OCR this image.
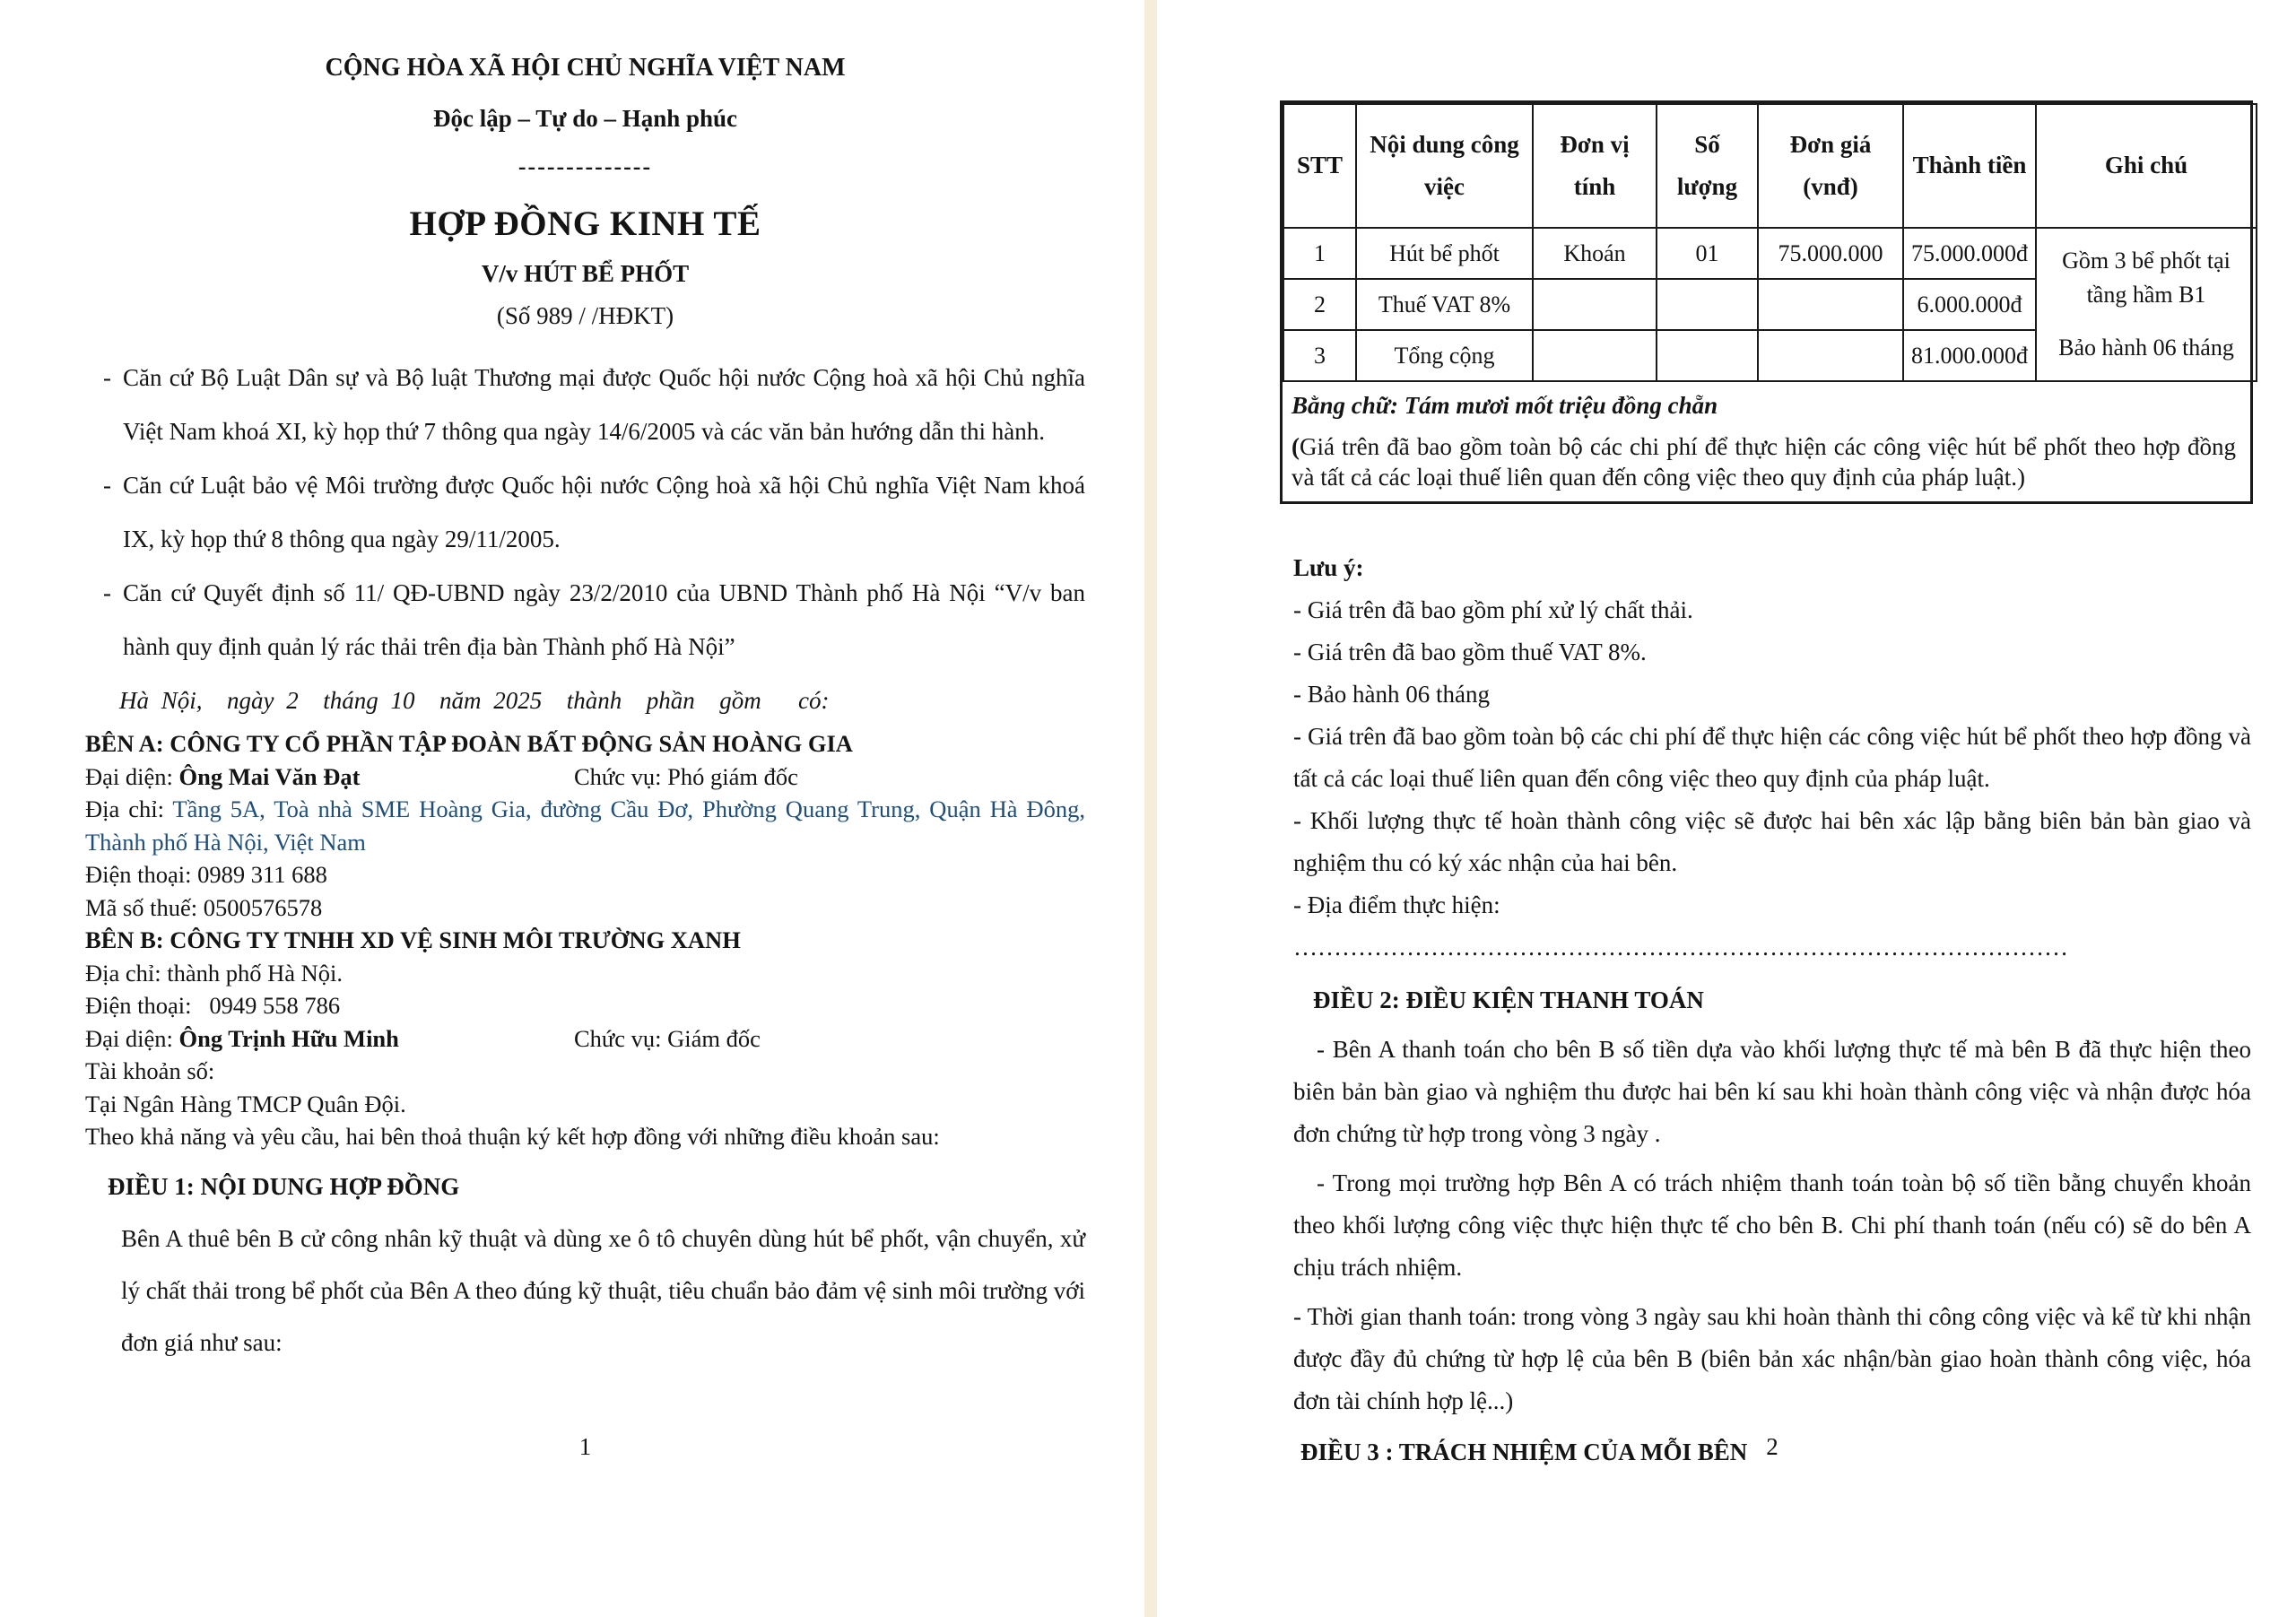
CỘNG HÒA XÃ HỘI CHỦ NGHĨA VIỆT NAM
Độc lập – Tự do – Hạnh phúc
--------------
HỢP ĐỒNG KINH TẾ
V/v HÚT BỂ PHỐT
(Số 989 / /HĐKT)
- Căn cứ Bộ Luật Dân sự và Bộ luật Thương mại được Quốc hội nước Cộng hoà xã hội Chủ nghĩa Việt Nam khoá XI, kỳ họp thứ 7 thông qua ngày 14/6/2005 và các văn bản hướng dẫn thi hành.
- Căn cứ Luật bảo vệ Môi trường được Quốc hội nước Cộng hoà xã hội Chủ nghĩa Việt Nam khoá IX, kỳ họp thứ 8 thông qua ngày 29/11/2005.
- Căn cứ Quyết định số 11/ QĐ-UBND ngày 23/2/2010 của UBND Thành phố Hà Nội “V/v ban hành quy định quản lý rác thải trên địa bàn Thành phố Hà Nội”
Hà Nội,  ngày 2  tháng 10  năm 2025  thành  phần  gồm   có:
BÊN A: CÔNG TY CỔ PHẦN TẬP ĐOÀN BẤT ĐỘNG SẢN HOÀNG GIA
Đại diện: Ông Mai Văn Đạt	Chức vụ: Phó giám đốc
Địa chỉ: Tầng 5A, Toà nhà SME Hoàng Gia, đường Cầu Đơ, Phường Quang Trung, Quận Hà Đông, Thành phố Hà Nội, Việt Nam
Điện thoại: 0989 311 688
Mã số thuế: 0500576578
BÊN B: CÔNG TY TNHH XD VỆ SINH MÔI TRƯỜNG XANH
Địa chỉ: thành phố Hà Nội.
Điện thoại:   0949 558 786
Đại diện: Ông Trịnh Hữu Minh	Chức vụ: Giám đốc
Tài khoản số:
Tại Ngân Hàng TMCP Quân Đội.
Theo khả năng và yêu cầu, hai bên thoả thuận ký kết hợp đồng với những điều khoản sau:
ĐIỀU 1: NỘI DUNG HỢP ĐỒNG
Bên A thuê bên B cử công nhân kỹ thuật và dùng xe ô tô chuyên dùng hút bể phốt, vận chuyển, xử lý chất thải trong bể phốt của Bên A theo đúng kỹ thuật, tiêu chuẩn bảo đảm vệ sinh môi trường với đơn giá như sau:
1
STT	Nội dung công việc	Đơn vị tính	Số lượng	Đơn giá (vnđ)	Thành tiền	Ghi chú
1	Hút bể phốt	Khoán	01	75.000.000	75.000.000đ	Gồm 3 bể phốt tại tầng hầm B1
Bảo hành 06 tháng

2	Thuế VAT 8%				6.000.000đ	
3	Tổng cộng				81.000.000đ	
Bằng chữ: Tám mươi mốt triệu đồng chẵn
(Giá trên đã bao gồm toàn bộ các chi phí để thực hiện các công việc hút bể phốt theo hợp đồng và tất cả các loại thuế liên quan đến công việc theo quy định của pháp luật.)
Lưu ý:

- Giá trên đã bao gồm phí xử lý chất thải.

- Giá trên đã bao gồm thuế VAT 8%.

- Bảo hành 06 tháng

- Giá trên đã bao gồm toàn bộ các chi phí để thực hiện các công việc hút bể phốt theo hợp đồng và tất cả các loại thuế liên quan đến công việc theo quy định của pháp luật.

- Khối lượng thực tế hoàn thành công việc sẽ được hai bên xác lập bằng biên bản bàn giao và nghiệm thu có ký xác nhận của hai bên.

- Địa điểm thực hiện: ……………………………………………………………………………………

ĐIỀU 2: ĐIỀU KIỆN THANH TOÁN

- Bên A thanh toán cho bên B số tiền dựa vào khối lượng thực tế mà bên B đã thực hiện theo biên bản bàn giao và nghiệm thu được hai bên kí sau khi hoàn thành công việc và nhận được hóa đơn chứng từ hợp trong vòng 3 ngày .

- Trong mọi trường hợp Bên A có trách nhiệm thanh toán toàn bộ số tiền bằng chuyển khoản theo khối lượng công việc thực hiện thực tế cho bên B. Chi phí thanh toán (nếu có) sẽ do bên A chịu trách nhiệm.

- Thời gian thanh toán: trong vòng 3 ngày sau khi hoàn thành thi công công việc và kể từ khi nhận được đầy đủ chứng từ hợp lệ của bên B (biên bản xác nhận/bàn giao hoàn thành công việc, hóa đơn tài chính hợp lệ...)

ĐIỀU 3 : TRÁCH NHIỆM CỦA MỖI BÊN 2
